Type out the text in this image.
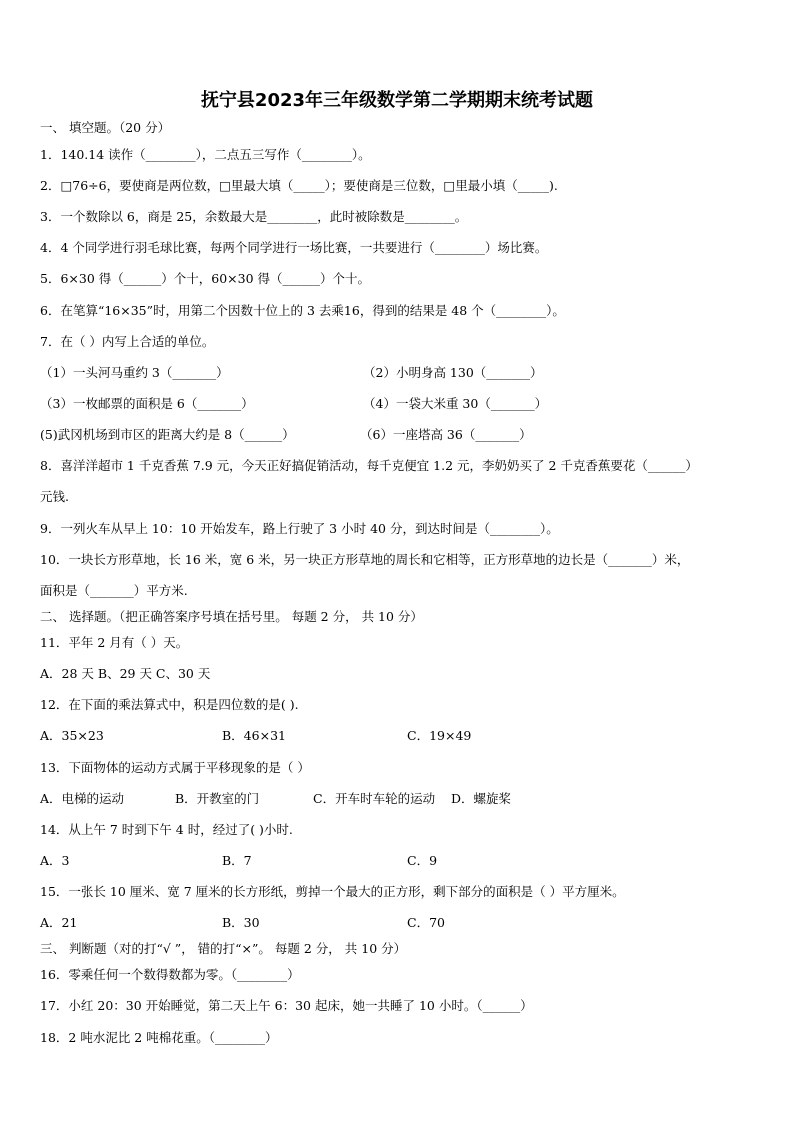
抚宁县2023年三年级数学第二学期期末统考试题
一、 填空题。（20 分）
1．140.14 读作（________），二点五三写作（________）。
2．□76÷6，要使商是两位数，□里最大填（_____）；要使商是三位数，□里最小填（_____).
3．一个数除以 6，商是 25，余数最大是________，此时被除数是________。
4．4 个同学进行羽毛球比赛，每两个同学进行一场比赛，一共要进行（________）场比赛。
5．6×30 得（______）个十，60×30 得（______）个十。
6．在笔算“16×35”时，用第二个因数十位上的 3 去乘16，得到的结果是 48 个（________）。
7．在（ ）内写上合适的单位。
（1）一头河马重约 3（_______）	（2）小明身高 130（_______）
（3）一枚邮票的面积是 6（_______）	（4）一袋大米重 30（_______）
(5)武冈机场到市区的距离大约是 8（______）	（6）一座塔高 36（_______）
8．喜洋洋超市 1 千克香蕉 7.9 元，今天正好搞促销活动，每千克便宜 1.2 元，李奶奶买了 2 千克香蕉要花（______）
元钱.
9．一列火车从早上 10：10 开始发车，路上行驶了 3 小时 40 分，到达时间是（________）。
10．一块长方形草地，长 16 米，宽 6 米，另一块正方形草地的周长和它相等，正方形草地的边长是（_______）米，
面积是（_______）平方米.
二、 选择题。（把正确答案序号填在括号里。 每题 2 分， 共 10 分）
11．平年 2 月有（ ）天。
A．28 天 B、29 天 C、30 天
12．在下面的乘法算式中，积是四位数的是( ).
A．35×23	B．46×31	C．19×49
13．下面物体的运动方式属于平移现象的是（ ）
A．电梯的运动	B．开教室的门	C．开车时车轮的运动 D．螺旋桨
14．从上午 7 时到下午 4 时，经过了( )小时.
A．3	B．7	C．9
15．一张长 10 厘米、宽 7 厘米的长方形纸，剪掉一个最大的正方形，剩下部分的面积是（ ）平方厘米。
A．21	B．30	C．70
三、 判断题（对的打“√ ”， 错的打“×”。 每题 2 分， 共 10 分）
16．零乘任何一个数得数都为零。（________）
17．小红 20：30 开始睡觉，第二天上午 6：30 起床，她一共睡了 10 小时。（______）
18．2 吨水泥比 2 吨棉花重。（________）
